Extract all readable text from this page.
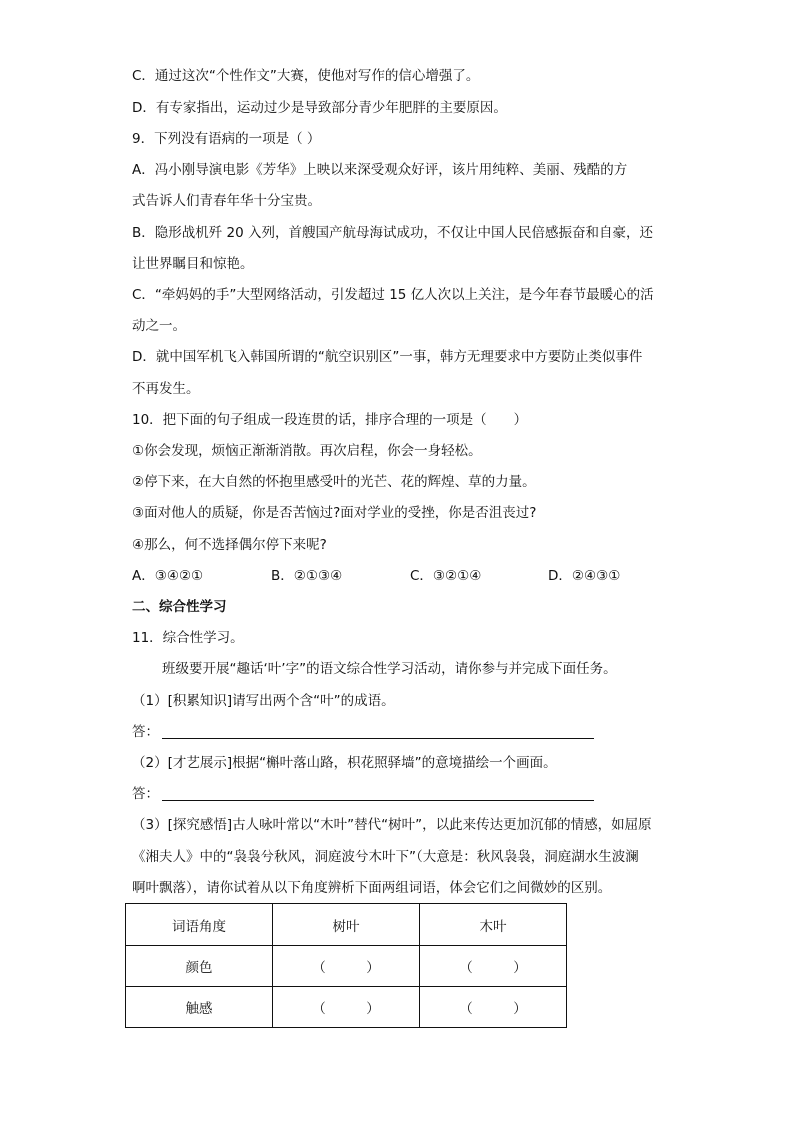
C．通过这次“个性作文”大赛，使他对写作的信心增强了。
D．有专家指出，运动过少是导致部分青少年肥胖的主要原因。
9．下列没有语病的一项是（ ）
A．冯小刚导演电影《芳华》上映以来深受观众好评，该片用纯粹、美丽、残酷的方
式告诉人们青春年华十分宝贵。
B．隐形战机歼 20 入列，首艘国产航母海试成功，不仅让中国人民倍感振奋和自豪，还
让世界瞩目和惊艳。
C．“牵妈妈的手”大型网络活动，引发超过 15 亿人次以上关注，是今年春节最暖心的活
动之一。
D．就中国军机飞入韩国所谓的“航空识别区”一事，韩方无理要求中方要防止类似事件
不再发生。
10．把下面的句子组成一段连贯的话，排序合理的一项是（　　）
①你会发现，烦恼正渐渐消散。再次启程，你会一身轻松。
②停下来，在大自然的怀抱里感受叶的光芒、花的辉煌、草的力量。
③面对他人的质疑，你是否苦恼过?面对学业的受挫，你是否沮丧过?
④那么，何不选择偶尔停下来呢?
A．③④②①	B．②①③④	C．③②①④	D．②④③①
二、综合性学习
11．综合性学习。
班级要开展“趣话‘叶’字”的语文综合性学习活动，请你参与并完成下面任务。
（1）[积累知识]请写出两个含“叶”的成语。
答：
（2）[才艺展示]根据“槲叶落山路，枳花照驿墙”的意境描绘一个画面。
答：
（3）[探究感悟]古人咏叶常以“木叶”替代“树叶”，以此来传达更加沉郁的情感，如屈原
《湘夫人》中的“袅袅兮秋风，洞庭波兮木叶下”（大意是：秋风袅袅，洞庭湖水生波澜
啊叶飘落），请你试着从以下角度辨析下面两组词语，体会它们之间微妙的区别。
词语角度	树叶	木叶
颜色	（　　　）	（　　　）
触感	（　　　）	（　　　）
